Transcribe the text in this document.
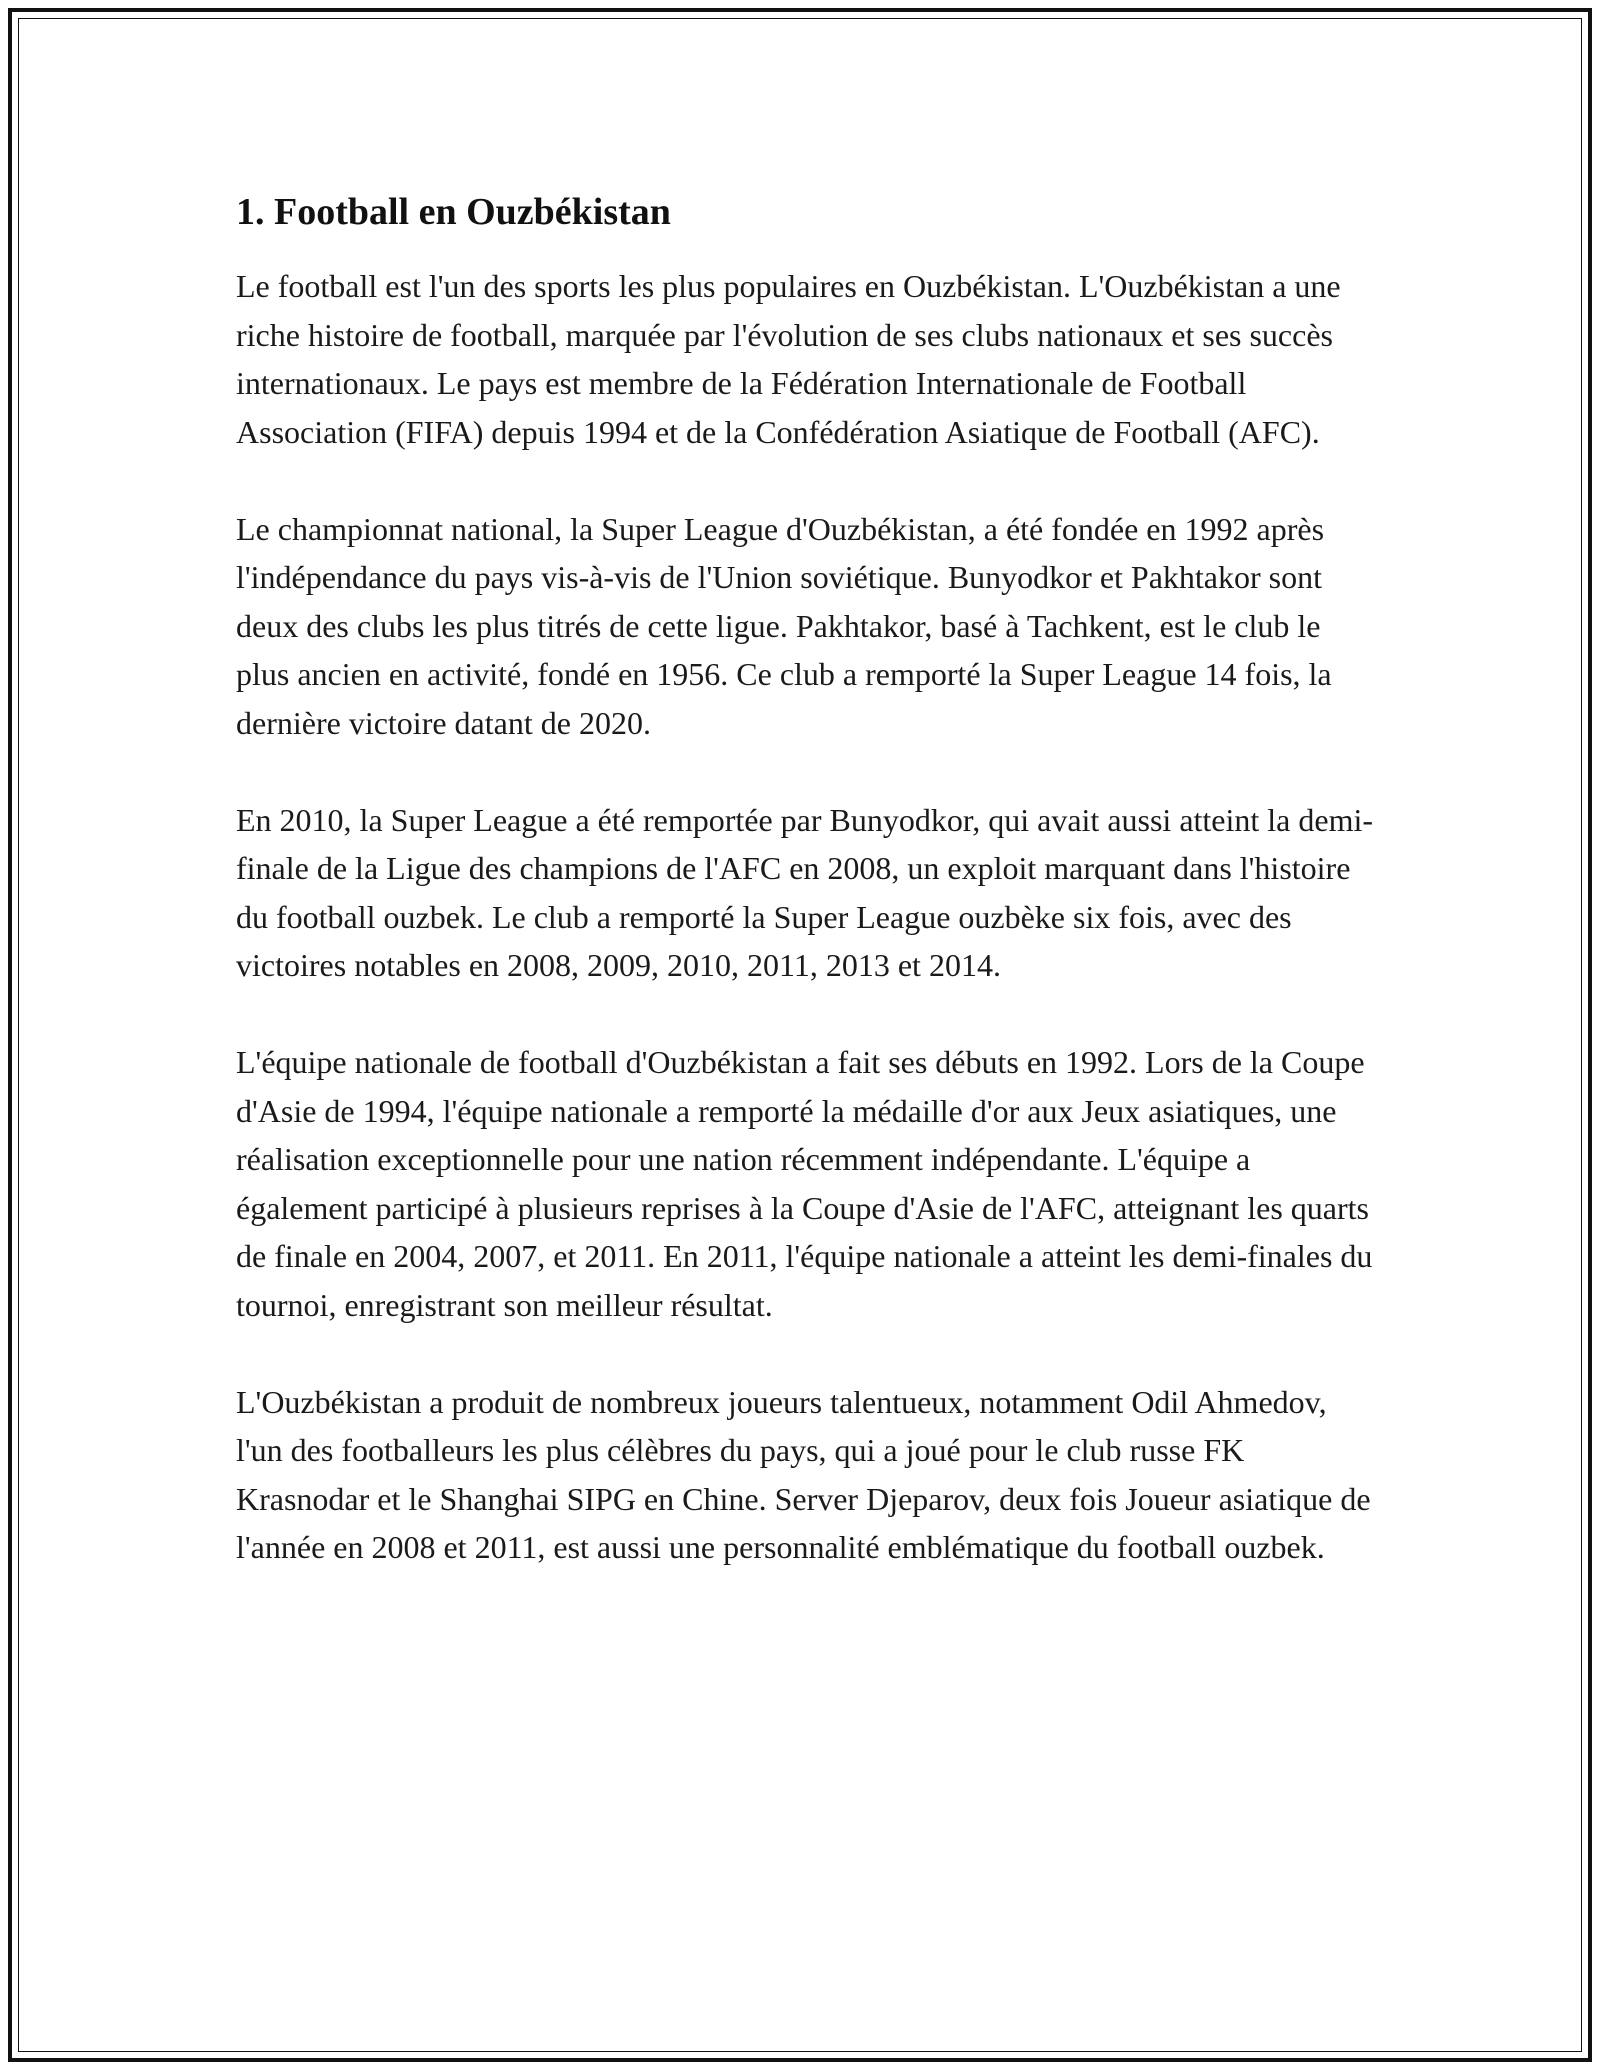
1. Football en Ouzbékistan

Le football est l'un des sports les plus populaires en Ouzbékistan. L'Ouzbékistan a une riche histoire de football, marquée par l'évolution de ses clubs nationaux et ses succès internationaux. Le pays est membre de la Fédération Internationale de Football Association (FIFA) depuis 1994 et de la Confédération Asiatique de Football (AFC).

Le championnat national, la Super League d'Ouzbékistan, a été fondée en 1992 après l'indépendance du pays vis-à-vis de l'Union soviétique. Bunyodkor et Pakhtakor sont deux des clubs les plus titrés de cette ligue. Pakhtakor, basé à Tachkent, est le club le plus ancien en activité, fondé en 1956. Ce club a remporté la Super League 14 fois, la dernière victoire datant de 2020.

En 2010, la Super League a été remportée par Bunyodkor, qui avait aussi atteint la demi-finale de la Ligue des champions de l'AFC en 2008, un exploit marquant dans l'histoire du football ouzbek. Le club a remporté la Super League ouzbèke six fois, avec des victoires notables en 2008, 2009, 2010, 2011, 2013 et 2014.

L'équipe nationale de football d'Ouzbékistan a fait ses débuts en 1992. Lors de la Coupe d'Asie de 1994, l'équipe nationale a remporté la médaille d'or aux Jeux asiatiques, une réalisation exceptionnelle pour une nation récemment indépendante. L'équipe a également participé à plusieurs reprises à la Coupe d'Asie de l'AFC, atteignant les quarts de finale en 2004, 2007, et 2011. En 2011, l'équipe nationale a atteint les demi-finales du tournoi, enregistrant son meilleur résultat.

L'Ouzbékistan a produit de nombreux joueurs talentueux, notamment Odil Ahmedov, l'un des footballeurs les plus célèbres du pays, qui a joué pour le club russe FK Krasnodar et le Shanghai SIPG en Chine. Server Djeparov, deux fois Joueur asiatique de l'année en 2008 et 2011, est aussi une personnalité emblématique du football ouzbek.
